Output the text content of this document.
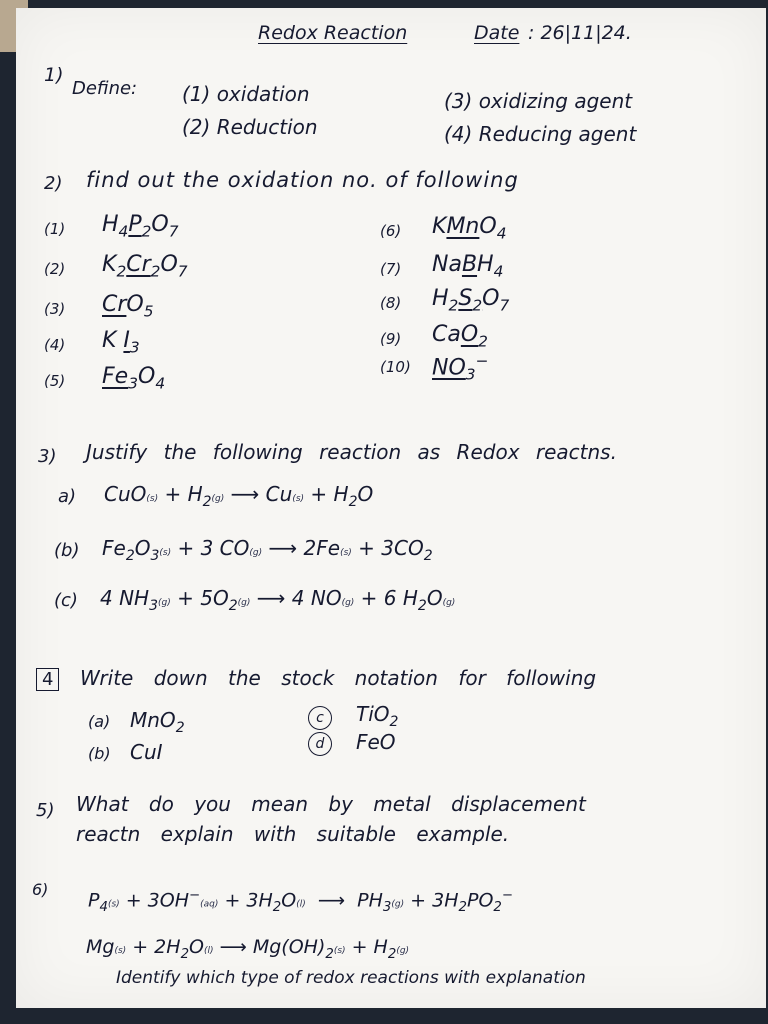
Redox Reaction	Date : 26|11|24.
1)
Define: (1) oxidation
(2) Reduction
(3) oxidizing agent
(4) Reducing agent
2) find out the oxidation no. of following
(1) $H_4P_2O_7$
(2) $K_2Cr_2O_7$
(3) CrO$_5$
(4) K $I_3$
(5) $Fe_3O_4$
(6) KMnO$_4$
(7) NaBH$_4$
(8) $H_2S_2O_7$
(9) CaO$_2$
(10) $NO_3^-$
3) Justify the following reaction as Redox reactns.
a) $CuO(s) + H_2(g)$ ⟶ $Cu(s) + H_2O$
(b) $Fe_2O_3(s) + 3$ CO(g) ⟶ $2Fe(s) + 3CO_2$
(c) 4 $NH_3(g) + 5O_2(g)$ ⟶ 4 NO(g) + 6 $H_2O(g)$
4	Write down the stock notation for following
(a) MnO$_2$
(b) CuI
c	TiO$_2$
d	FeO
5) What do you mean by metal displacement
reactn explain with suitable example.
6) $P_4(s) + 3OH^-(aq) + 3H_2O(l)$  ⟶  $PH_3(g) + 3H_2PO_2^-$
$Mg(s) + 2H_2O(l)$ ⟶ $Mg(OH)_2(s) + H_2(g)$
Identify which type of redox reactions with explanation
